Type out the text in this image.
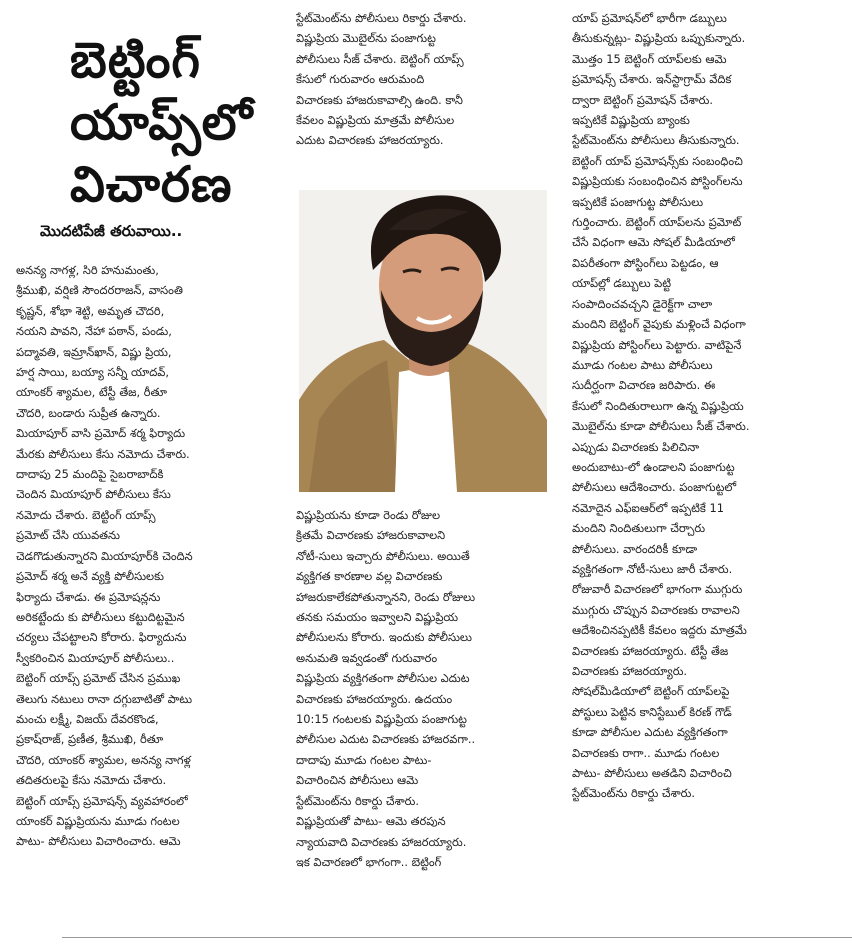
బెట్టింగ్
యాప్స్‌లో
విచారణ
మొదటిపేజీ తరువాయి..
అనన్య నాగళ్ల, సిరి హనుమంతు,
శ్రీముఖి, వర్షిణి సౌందరరాజన్, వాసంతి
కృష్ణన్, శోభా శెట్టి, అమృత చౌదరి,
నయని పావని, నేహా పఠాన్, పండు,
పద్మావతి, ఇమ్రాన్‌ఖాన్, విష్ణు ప్రియ,
హర్ష సాయి, బయ్యా సన్నీ యాదవ్,
యాంకర్ శ్యామల, టేస్టీ తేజ, రీతూ
చౌదరి, బండారు సుప్రీత ఉన్నారు.
మియాపూర్ వాసి ప్రమోద్ శర్మ ఫిర్యాదు
మేరకు పోలీసులు కేసు నమోదు చేశారు.
దాదాపు 25 మందిపై సైబరాబాద్‌కి
చెందిన మియాపూర్ పోలీసులు కేసు
నమోదు చేశారు. బెట్టింగ్ యాప్స్
ప్రమోట్ చేసి యువతను
చెడగొడుతున్నారని మియాపూర్‌కి చెందిన
ప్రమోద్ శర్మ అనే వ్యక్తి పోలీసులకు
ఫిర్యాదు చేశాడు. ఈ ప్రమోషన్లను
అరికట్టేందు కు పోలీసులు కట్టుదిట్టమైన
చర్యలు చేపట్టాలని కోరారు. ఫిర్యాదును
స్వీకరించిన మియాపూర్ పోలీసులు..
బెట్టింగ్ యాప్స్ ప్రమోట్ చేసిన ప్రముఖ
తెలుగు నటులు రానా దగ్గుబాటితో పాటు
మంచు లక్ష్మీ, విజయ్ దేవరకొండ,
ప్రకాష్‌రాజ్, ప్రణీత, శ్రీముఖి, రీతూ
చౌదరి, యాంకర్ శ్యామల, అనన్య నాగళ్ల
తదితరులపై కేసు నమోదు చేశారు.
బెట్టింగ్ యాప్స్ ప్రమోషన్స్ వ్యవహారంలో
యాంకర్ విష్ణుప్రియను మూడు గంటల
పాటు- పోలీసులు విచారించారు. ఆమె
స్టేట్‌మెంట్‌ను పోలీసులు రికార్డు చేశారు.
విష్ణుప్రియ మొబైల్‌ను పంజాగుట్ట
పోలీసులు సీజ్ చేశారు. బెట్టింగ్ యాప్స్
కేసులో గురువారం ఆరుమంది
విచారణకు హాజరుకావాల్సి ఉంది. కానీ
కేవలం విష్ణుప్రియ మాత్రమే పోలీసుల
ఎదుట విచారణకు హాజరయ్యారు.
విష్ణుప్రియను కూడా రెండు రోజుల
క్రితమే విచారణకు హాజరుకావాలని
నోటీ-సులు ఇచ్చారు పోలీసులు. అయితే
వ్యక్తిగత కారణాల వల్ల విచారణకు
హాజరుకాలేకపోతున్నానని, రెండు రోజులు
తనకు సమయం ఇవ్వాలని విష్ణుప్రియ
పోలీసులను కోరారు. ఇందుకు పోలీసులు
అనుమతి ఇవ్వడంతో గురువారం
విష్ణుప్రియ వ్యక్తిగతంగా పోలీసుల ఎదుట
విచారణకు హాజరయ్యారు. ఉదయం
10:15 గంటలకు విష్ణుప్రియ పంజాగుట్ట
పోలీసుల ఎదుట విచారణకు హాజరవగా..
దాదాపు మూడు గంటల పాటు-
విచారించిన పోలీసులు ఆమె
స్టేట్‌మెంట్‌ను రికార్డు చేశారు.
విష్ణుప్రియతో పాటు- ఆమె తరపున
న్యాయవాది విచారణకు హాజరయ్యారు.
ఇక విచారణలో భాగంగా.. బెట్టింగ్
యాప్ ప్రమోషన్‌లో భారీగా డబ్బులు
తీసుకున్నట్లు- విష్ణుప్రియ ఒప్పుకున్నారు.
మొత్తం 15 బెట్టింగ్ యాప్‌లకు ఆమె
ప్రమోషన్స్ చేశారు. ఇన్‌స్టాగ్రామ్ వేదిక
ద్వారా బెట్టింగ్ ప్రమోషన్ చేశారు.
ఇప్పటికే విష్ణుప్రియ బ్యాంకు
స్టేట్‌మెంట్‌ను పోలీసులు తీసుకున్నారు.
బెట్టింగ్ యాప్ ప్రమోషన్స్‌కు సంబంధించి
విష్ణుప్రియకు సంబంధించిన పోస్టింగ్‌లను
ఇప్పటికే పంజాగుట్ట పోలీసులు
గుర్తించారు. బెట్టింగ్ యాప్‌లను ప్రమోట్
చేసే విధంగా ఆమె సోషల్ మీడియాలో
విపరీతంగా పోస్టింగ్‌లు పెట్టడం, ఆ
యాప్‌ల్లో డబ్బులు పెట్టి
సంపాదించవచ్చని డైరెక్ట్‌గా చాలా
మందిని బెట్టింగ్ వైపుకు మళ్లించే విధంగా
విష్ణుప్రియ పోస్టింగ్‌లు పెట్టారు. వాటిపైనే
మూడు గంటల పాటు పోలీసులు
సుదీర్ఘంగా విచారణ జరిపారు. ఈ
కేసులో నిందితురాలుగా ఉన్న విష్ణుప్రియ
మొబైల్‌ను కూడా పోలీసులు సీజ్ చేశారు.
ఎప్పుడు విచారణకు పిలిచినా
అందుబాటు-లో ఉండాలని పంజాగుట్ట
పోలీసులు ఆదేశించారు. పంజాగుట్టలో
నమోదైన ఎఫ్ఐఆర్‌లో ఇప్పటికే 11
మందిని నిందితులుగా చేర్చారు
పోలీసులు. వారందరికీ కూడా
వ్యక్తిగతంగా నోటీ-సులు జారీ చేశారు.
రోజువారీ విచారణలో భాగంగా ముగ్గురు
ముగ్గురు చొప్పున విచారణకు రావాలని
ఆదేశించినప్పటికీ కేవలం ఇద్దరు మాత్రమే
విచారణకు హాజరయ్యారు. టేస్టీ తేజ
విచారణకు హాజరయ్యారు.
సోషల్‌మీడియాలో బెట్టింగ్ యాప్‌లపై
పోస్టులు పెట్టిన కానిస్టేబుల్ కిరణ్ గౌడ్
కూడా పోలీసుల ఎదుట వ్యక్తిగతంగా
విచారణకు రాగా.. మూడు గంటల
పాటు- పోలీసులు అతడిని విచారించి
స్టేట్‌మెంట్‌ను రికార్డు చేశారు.
